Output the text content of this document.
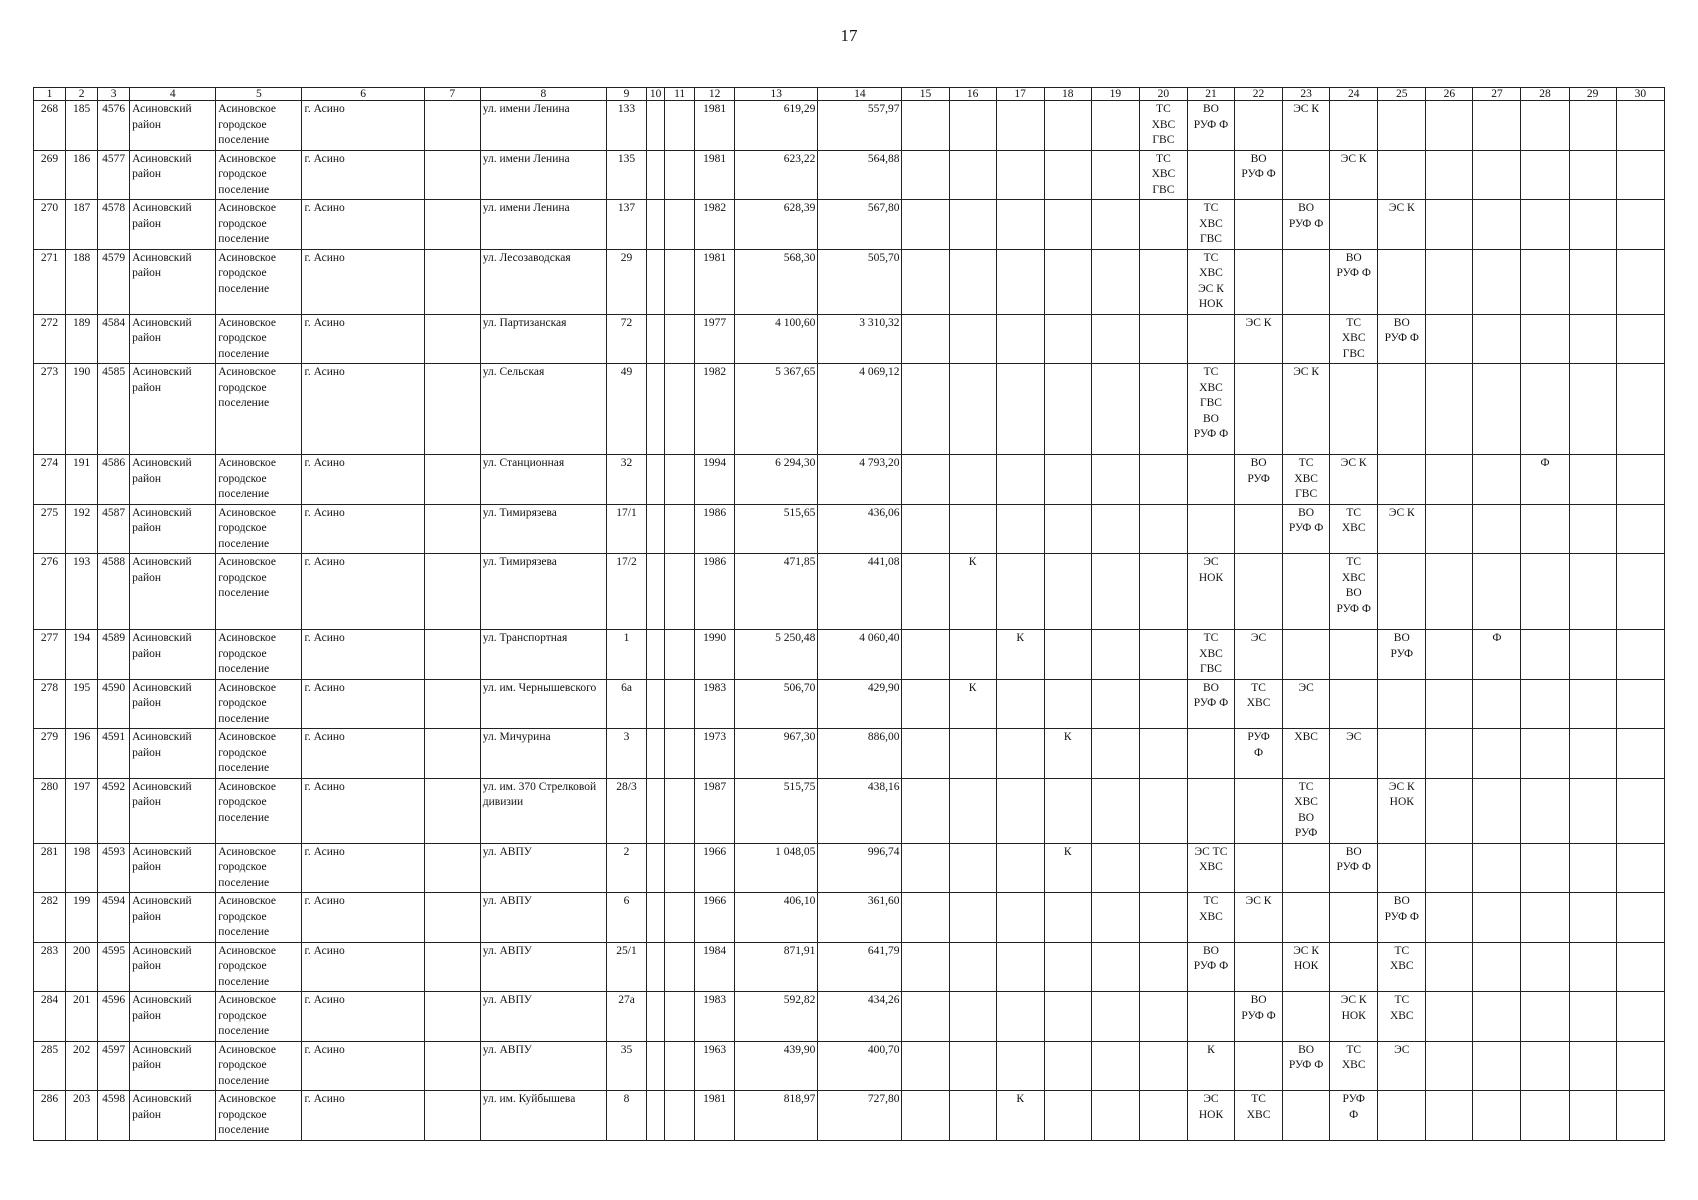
17
1	2	3	4	5	6	7	8	9	10	11	12	13	14	15	16	17	18	19	20	21	22	23	24	25	26	27	28	29	30
268	185	4576	Асиновский район	Асиновское городское поселение	г. Асино		ул. имени Ленина	133			1981	619,29	557,97						ТС
ХВС
ГВС	ВО
РУФ Ф		ЭС К							
269	186	4577	Асиновский район	Асиновское городское поселение	г. Асино		ул. имени Ленина	135			1981	623,22	564,88						ТС
ХВС
ГВС		ВО
РУФ Ф		ЭС К						
270	187	4578	Асиновский район	Асиновское городское поселение	г. Асино		ул. имени Ленина	137			1982	628,39	567,80							ТС
ХВС
ГВС		ВО
РУФ Ф		ЭС К					
271	188	4579	Асиновский район	Асиновское городское поселение	г. Асино		ул. Лесозаводская	29			1981	568,30	505,70							ТС
ХВС
ЭС К
НОК			ВО
РУФ Ф						
272	189	4584	Асиновский район	Асиновское городское поселение	г. Асино		ул. Партизанская	72			1977	4 100,60	3 310,32								ЭС К		ТС
ХВС
ГВС	ВО
РУФ Ф					
273	190	4585	Асиновский район	Асиновское городское поселение	г. Асино		ул. Сельская	49			1982	5 367,65	4 069,12							ТС
ХВС
ГВС
ВО
РУФ Ф		ЭС К							
274	191	4586	Асиновский район	Асиновское городское поселение	г. Асино		ул. Станционная	32			1994	6 294,30	4 793,20								ВО
РУФ	ТС
ХВС
ГВС	ЭС К				Ф		
275	192	4587	Асиновский район	Асиновское городское поселение	г. Асино		ул. Тимирязева	17/1			1986	515,65	436,06									ВО
РУФ Ф	ТС
ХВС	ЭС К					
276	193	4588	Асиновский район	Асиновское городское поселение	г. Асино		ул. Тимирязева	17/2			1986	471,85	441,08		К					ЭС
НОК			ТС
ХВС
ВО
РУФ Ф						
277	194	4589	Асиновский район	Асиновское городское поселение	г. Асино		ул. Транспортная	1			1990	5 250,48	4 060,40			К				ТС
ХВС
ГВС	ЭС			ВО
РУФ		Ф			
278	195	4590	Асиновский район	Асиновское городское поселение	г. Асино		ул. им. Чернышевского	6а			1983	506,70	429,90		К					ВО
РУФ Ф	ТС
ХВС	ЭС							
279	196	4591	Асиновский район	Асиновское городское поселение	г. Асино		ул. Мичурина	3			1973	967,30	886,00				К				РУФ
Ф	ХВС	ЭС						
280	197	4592	Асиновский район	Асиновское городское поселение	г. Асино		ул. им. 370 Стрелковой дивизии	28/3			1987	515,75	438,16									ТС
ХВС
ВО
РУФ		ЭС К
НОК					
281	198	4593	Асиновский район	Асиновское городское поселение	г. Асино		ул. АВПУ	2			1966	1 048,05	996,74				К			ЭС ТС
ХВС			ВО
РУФ Ф						
282	199	4594	Асиновский район	Асиновское городское поселение	г. Асино		ул. АВПУ	6			1966	406,10	361,60							ТС
ХВС	ЭС К			ВО
РУФ Ф					
283	200	4595	Асиновский район	Асиновское городское поселение	г. Асино		ул. АВПУ	25/1			1984	871,91	641,79							ВО
РУФ Ф		ЭС К
НОК		ТС
ХВС					
284	201	4596	Асиновский район	Асиновское городское поселение	г. Асино		ул. АВПУ	27а			1983	592,82	434,26								ВО
РУФ Ф		ЭС К
НОК	ТС
ХВС					
285	202	4597	Асиновский район	Асиновское городское поселение	г. Асино		ул. АВПУ	35			1963	439,90	400,70							К		ВО
РУФ Ф	ТС
ХВС	ЭС					
286	203	4598	Асиновский район	Асиновское городское поселение	г. Асино		ул. им. Куйбышева	8			1981	818,97	727,80			К				ЭС
НОК	ТС
ХВС		РУФ
Ф						
